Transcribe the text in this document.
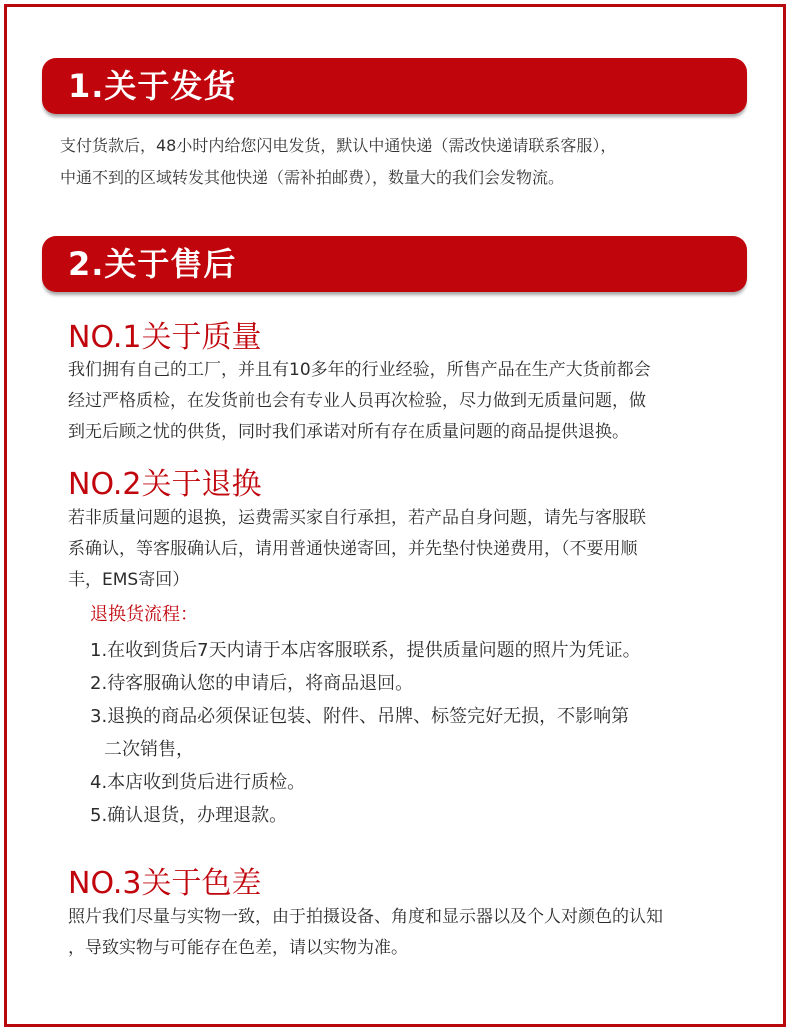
1.关于发货
支付货款后，48小时内给您闪电发货，默认中通快递（需改快递请联系客服），
中通不到的区域转发其他快递（需补拍邮费），数量大的我们会发物流。
2.关于售后
NO.1关于质量
我们拥有自己的工厂，并且有10多年的行业经验，所售产品在生产大货前都会
经过严格质检，在发货前也会有专业人员再次检验，尽力做到无质量问题，做
到无后顾之忧的供货，同时我们承诺对所有存在质量问题的商品提供退换。
NO.2关于退换
若非质量问题的退换，运费需买家自行承担，若产品自身问题，请先与客服联
系确认，等客服确认后，请用普通快递寄回，并先垫付快递费用，（不要用顺
丰，EMS寄回）
退换货流程：
1.在收到货后7天内请于本店客服联系，提供质量问题的照片为凭证。
2.待客服确认您的申请后，将商品退回。
3.退换的商品必须保证包装、附件、吊牌、标签完好无损，不影响第
二次销售，
4.本店收到货后进行质检。
5.确认退货，办理退款。
NO.3关于色差
照片我们尽量与实物一致，由于拍摄设备、角度和显示器以及个人对颜色的认知
，导致实物与可能存在色差，请以实物为准。
